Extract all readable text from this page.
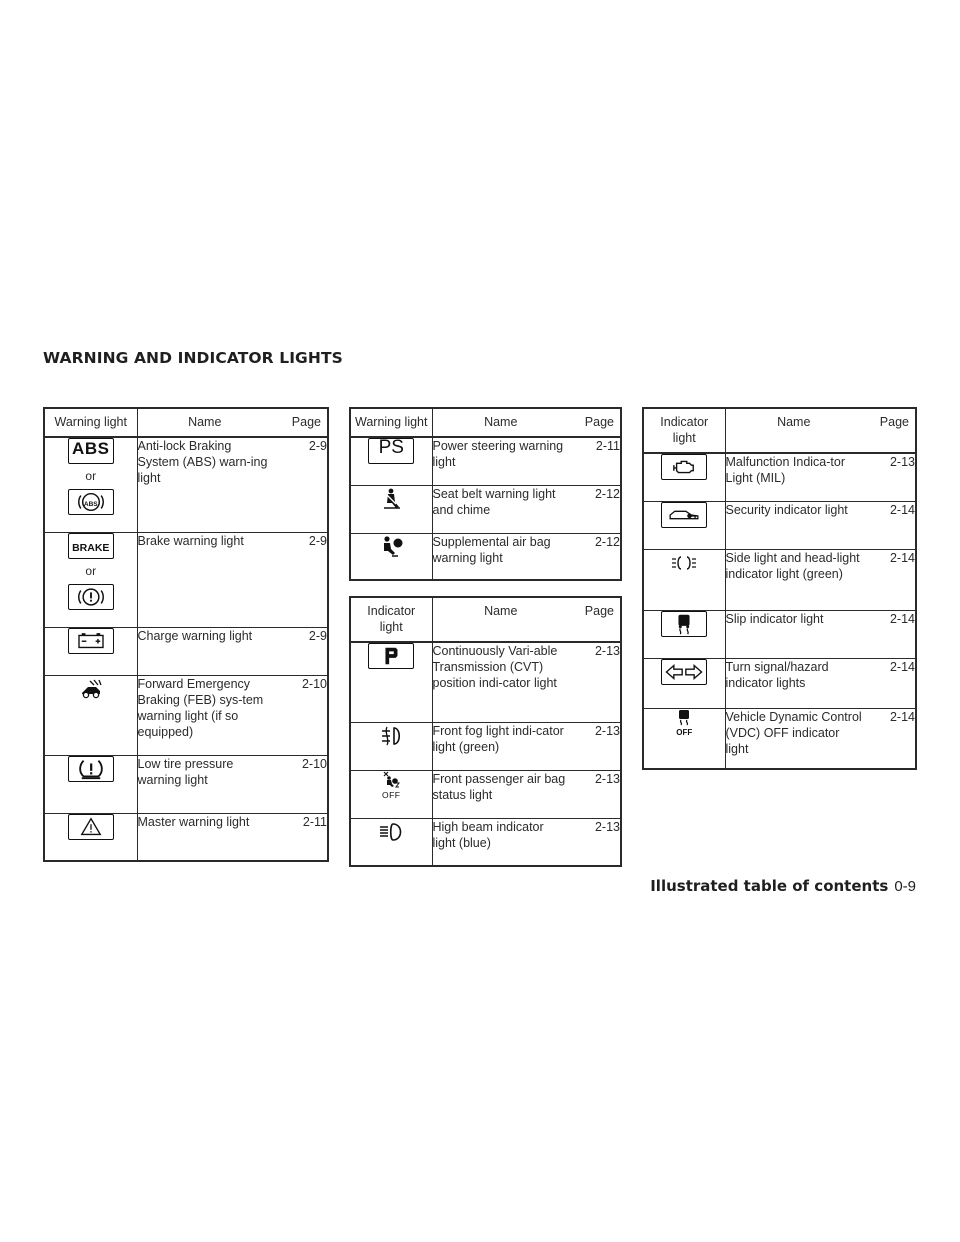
WARNING AND INDICATOR LIGHTS
Warning light	Name	Page

ABS
or
ABS	Anti-lock Braking System (ABS) warn-ing light	2-9

BRAKE
or	Brake warning light	2-9

	Charge warning light	2-9

	Forward Emergency Braking (FEB) sys-tem warning light (if so equipped)	2-10

	Low tire pressure warning light	2-10

	Master warning light	2-11
Warning light	Name	Page

PS	Power steering warning light	2-11

	Seat belt warning light and chime	2-12

	Supplemental air bag warning light	2-12
Indicator light	Name	Page

	Continuously Vari-able Transmission (CVT) position indi-cator light	2-13

	Front fog light indi-cator light (green)	2-13

OFF	Front passenger air bag status light	2-13

	High beam indicator light (blue)	2-13
Indicator light	Name	Page

	Malfunction Indica-tor Light (MIL)	2-13

	Security indicator light	2-14

	Side light and head-light indicator light (green)	2-14

	Slip indicator light	2-14

	Turn signal/hazard indicator lights	2-14

OFF	Vehicle Dynamic Control (VDC) OFF indicator light	2-14
Illustrated table of contents 0-9
